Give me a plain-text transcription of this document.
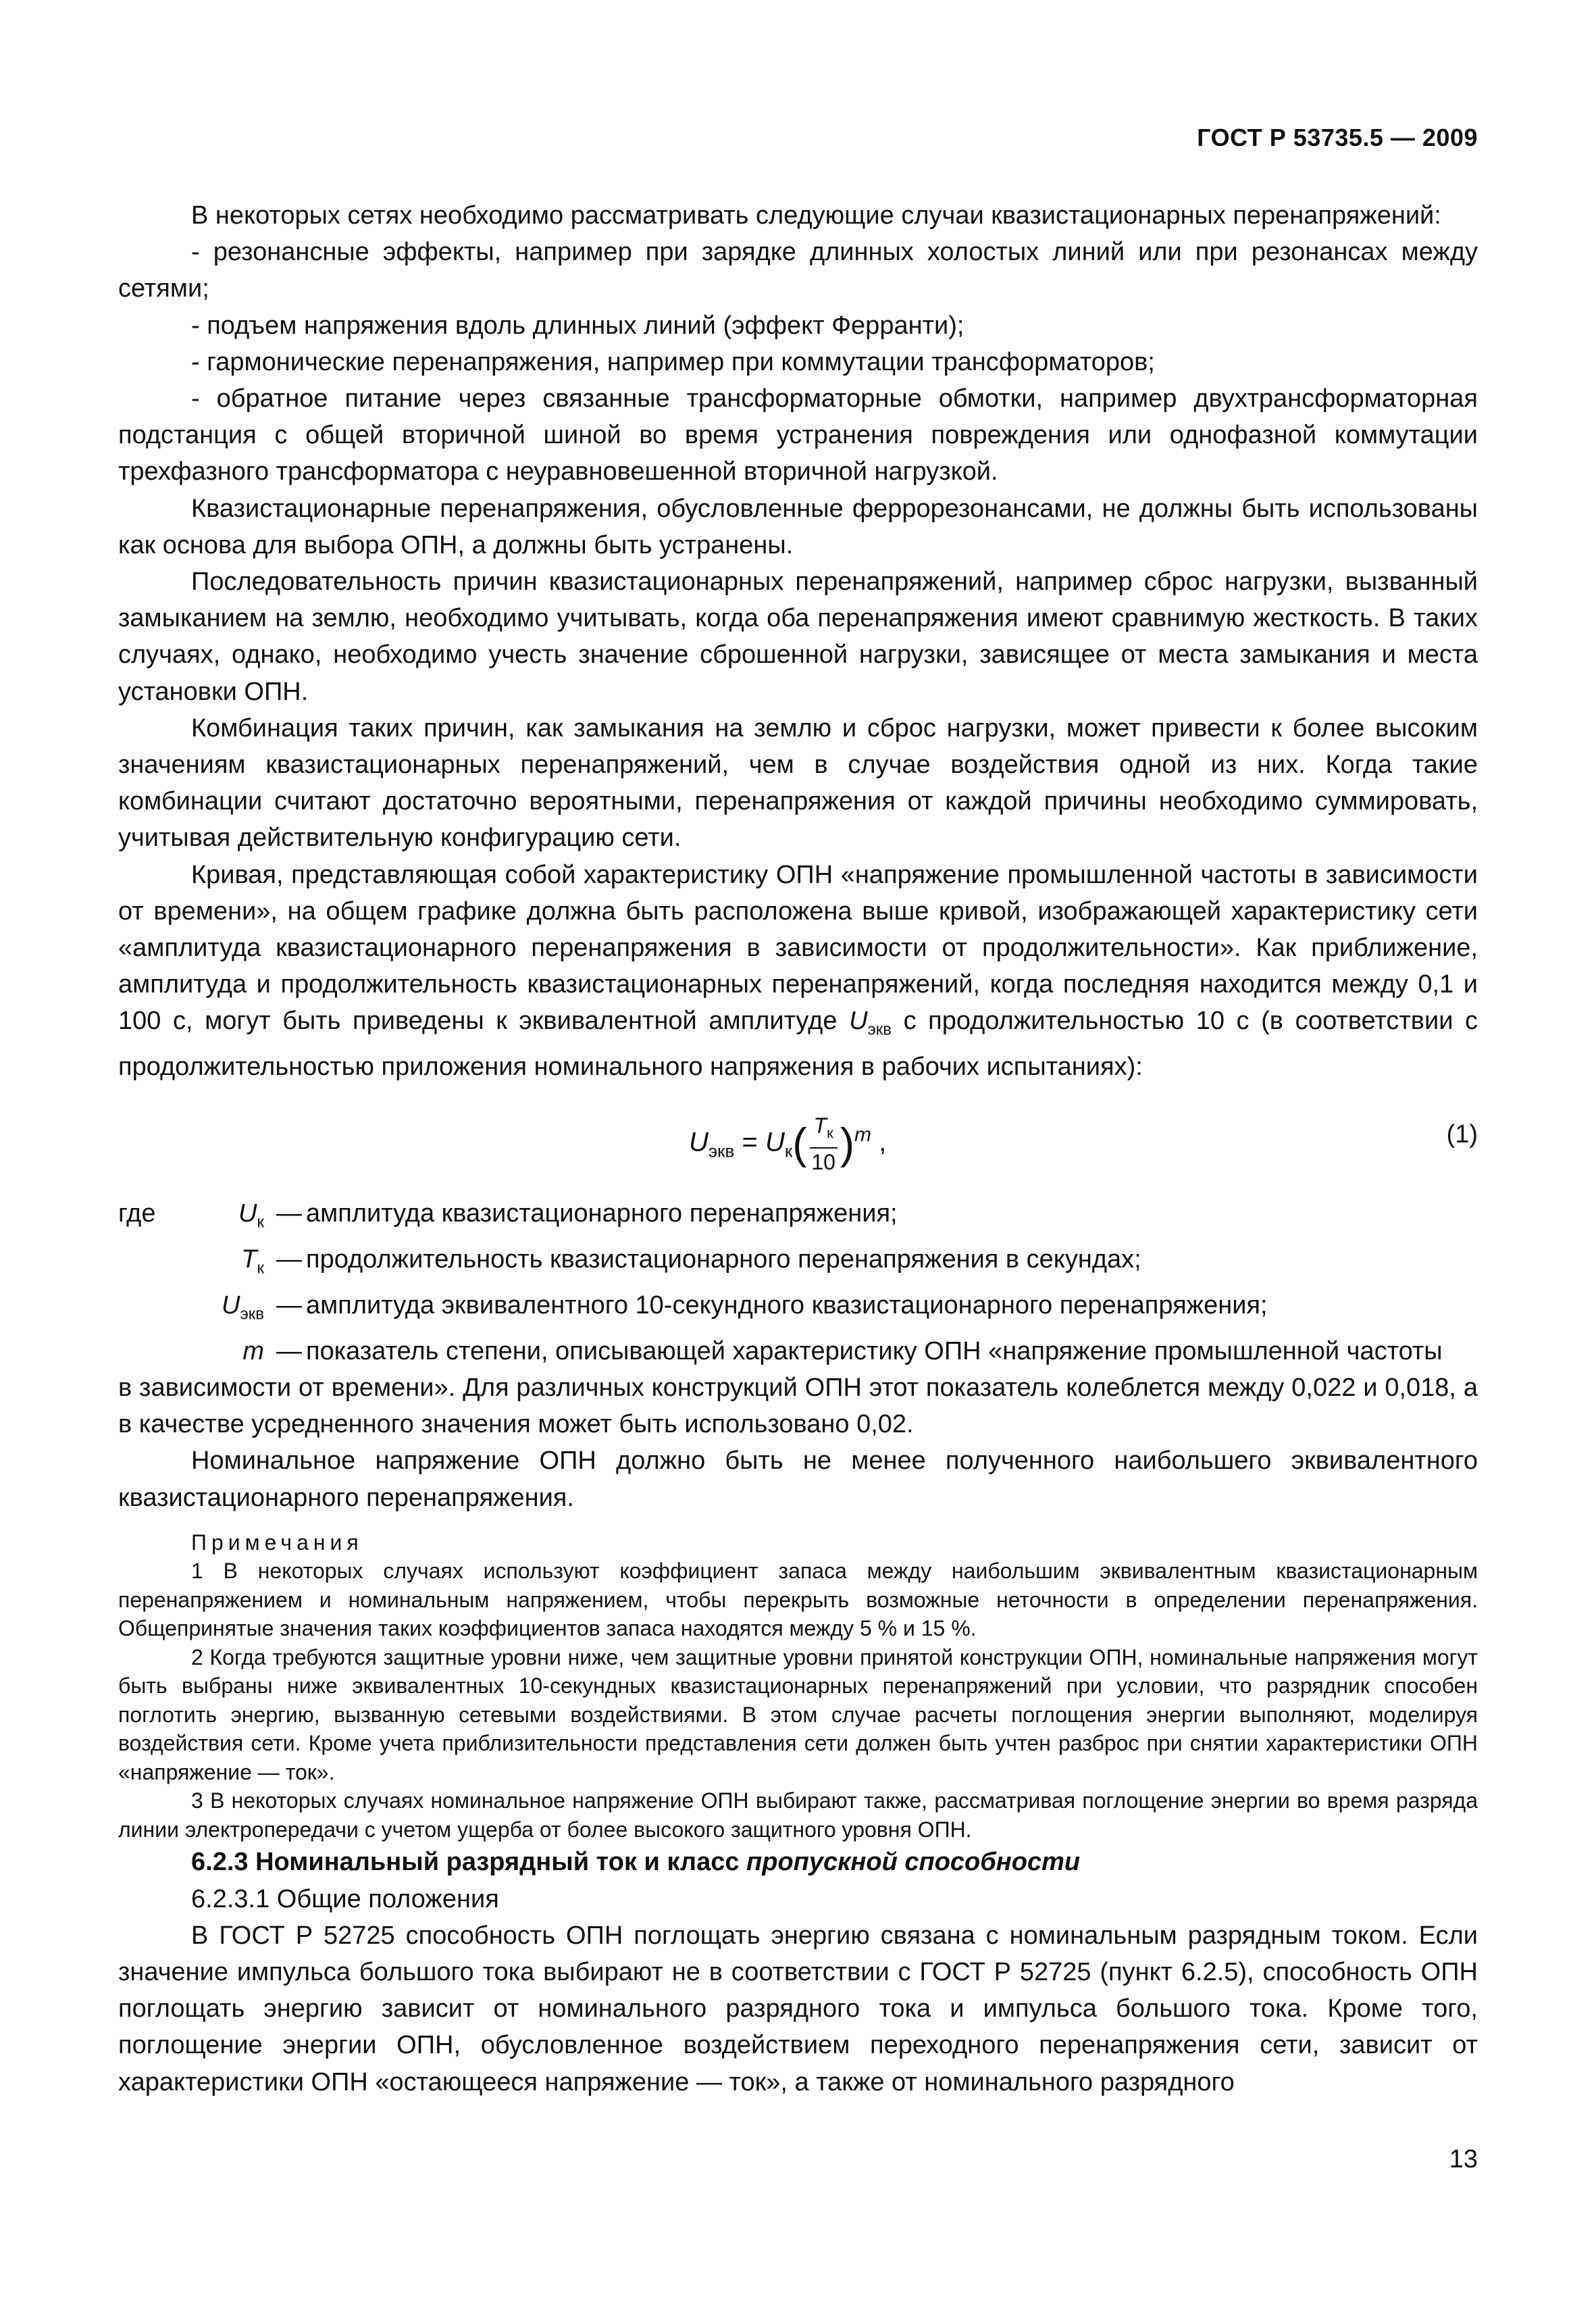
ГОСТ Р 53735.5 — 2009

В некоторых сетях необходимо рассматривать следующие случаи квазистационарных перенапряжений:

- резонансные эффекты, например при зарядке длинных холостых линий или при резонансах между сетями;

- подъем напряжения вдоль длинных линий (эффект Ферранти);

- гармонические перенапряжения, например при коммутации трансформаторов;

- обратное питание через связанные трансформаторные обмотки, например двухтрансформаторная подстанция с общей вторичной шиной во время устранения повреждения или однофазной коммутации трехфазного трансформатора с неуравновешенной вторичной нагрузкой.

Квазистационарные перенапряжения, обусловленные феррорезонансами, не должны быть использованы как основа для выбора ОПН, а должны быть устранены.

Последовательность причин квазистационарных перенапряжений, например сброс нагрузки, вызванный замыканием на землю, необходимо учитывать, когда оба перенапряжения имеют сравнимую жесткость. В таких случаях, однако, необходимо учесть значение сброшенной нагрузки, зависящее от места замыкания и места установки ОПН.

Комбинация таких причин, как замыкания на землю и сброс нагрузки, может привести к более высоким значениям квазистационарных перенапряжений, чем в случае воздействия одной из них. Когда такие комбинации считают достаточно вероятными, перенапряжения от каждой причины необходимо суммировать, учитывая действительную конфигурацию сети.

Кривая, представляющая собой характеристику ОПН «напряжение промышленной частоты в зависимости от времени», на общем графике должна быть расположена выше кривой, изображающей характеристику сети «амплитуда квазистационарного перенапряжения в зависимости от продолжительности». Как приближение, амплитуда и продолжительность квазистационарных перенапряжений, когда последняя находится между 0,1 и 100 с, могут быть приведены к эквивалентной амплитуде $U_{экв}$ с продолжительностью 10 с (в соответствии с продолжительностью приложения номинального напряжения в рабочих испытаниях):

$U_{экв} = U_к( \frac{T_к}{10} )^m$ ,	(1)
где	$U_к$ — амплитуда квазистационарного перенапряжения;
$T_к$ — продолжительность квазистационарного перенапряжения в секундах;
$U_{экв}$ — амплитуда эквивалентного 10-секундного квазистационарного перенапряжения;
m — показатель степени, описывающей характеристику ОПН «напряжение промышленной частоты

в зависимости от времени». Для различных конструкций ОПН этот показатель колеблется между 0,022 и 0,018, а в качестве усредненного значения может быть использовано 0,02.

Номинальное напряжение ОПН должно быть не менее полученного наибольшего эквивалентного квазистационарного перенапряжения.

Примечания

1 В некоторых случаях используют коэффициент запаса между наибольшим эквивалентным квазистационарным перенапряжением и номинальным напряжением, чтобы перекрыть возможные неточности в определении перенапряжения. Общепринятые значения таких коэффициентов запаса находятся между 5 % и 15 %.

2 Когда требуются защитные уровни ниже, чем защитные уровни принятой конструкции ОПН, номинальные напряжения могут быть выбраны ниже эквивалентных 10-секундных квазистационарных перенапряжений при условии, что разрядник способен поглотить энергию, вызванную сетевыми воздействиями. В этом случае расчеты поглощения энергии выполняют, моделируя воздействия сети. Кроме учета приблизительности представления сети должен быть учтен разброс при снятии характеристики ОПН «напряжение — ток».

3 В некоторых случаях номинальное напряжение ОПН выбирают также, рассматривая поглощение энергии во время разряда линии электропередачи с учетом ущерба от более высокого защитного уровня ОПН.

6.2.3 Номинальный разрядный ток и класс пропускной способности

6.2.3.1 Общие положения

В ГОСТ Р 52725 способность ОПН поглощать энергию связана с номинальным разрядным током. Если значение импульса большого тока выбирают не в соответствии с ГОСТ Р 52725 (пункт 6.2.5), способность ОПН поглощать энергию зависит от номинального разрядного тока и импульса большого тока. Кроме того, поглощение энергии ОПН, обусловленное воздействием переходного перенапряжения сети, зависит от характеристики ОПН «остающееся напряжение — ток», а также от номинального разрядного

13
